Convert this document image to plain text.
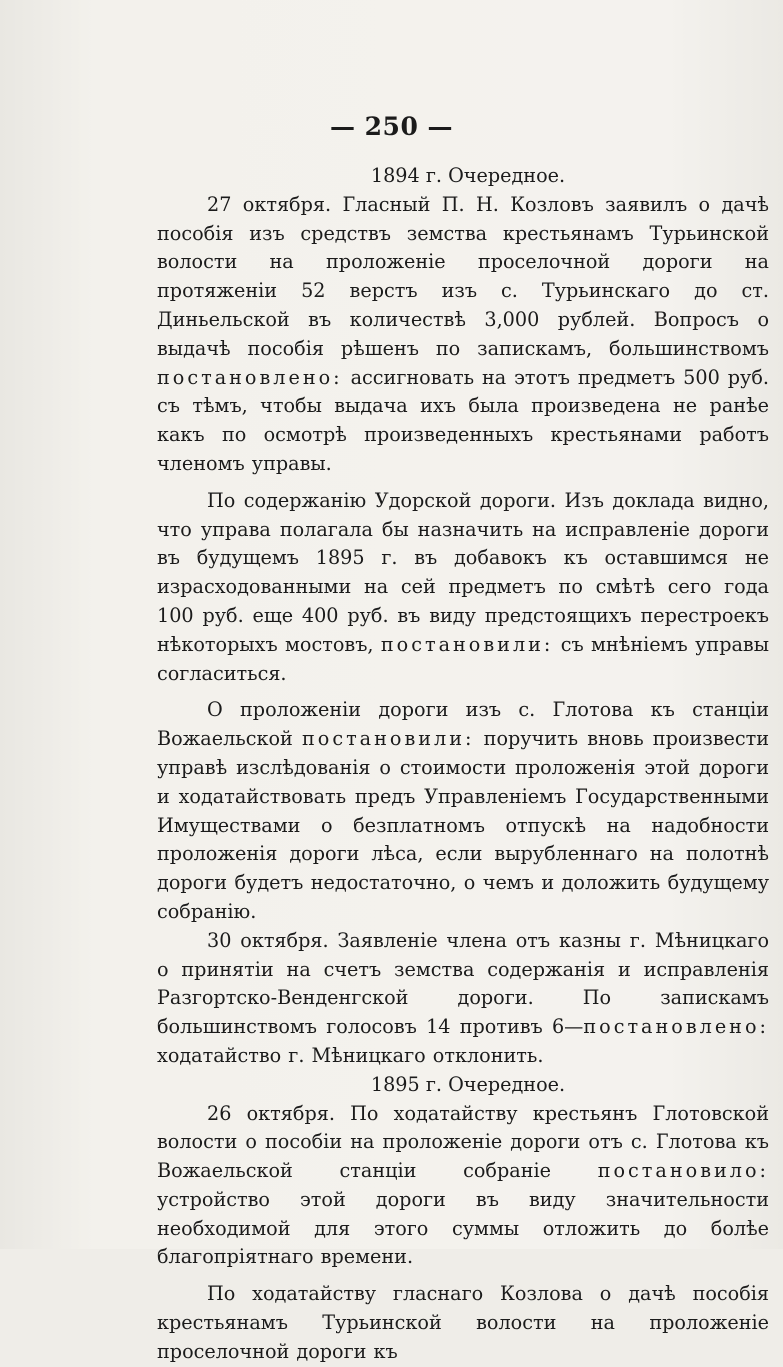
— 250 —

1894 г. Очередное.

27 октября. Гласный П. Н. Козловъ заявилъ о дачѣ пособія изъ средствъ земства крестьянамъ Турьинской волости на проложеніе проселочной дороги на протяженіи 52 верстъ изъ с. Турьинскаго до ст. Диньельской въ количествѣ 3,000 рублей. Вопросъ о выдачѣ пособія рѣшенъ по запискамъ, большинствомъ постановлено: ассигновать на этотъ предметъ 500 руб. съ тѣмъ, чтобы выдача ихъ была произведена не ранѣе какъ по осмотрѣ произведенныхъ крестьянами работъ членомъ управы.

По содержанію Удорской дороги. Изъ доклада видно, что управа полагала бы назначить на исправленіе дороги въ будущемъ 1895 г. въ добавокъ къ оставшимся не израсходованными на сей предметъ по смѣтѣ сего года 100 руб. еще 400 руб. въ виду предстоящихъ перестроекъ нѣкоторыхъ мостовъ, постановили: съ мнѣніемъ управы согласиться.

О проложеніи дороги изъ с. Глотова къ станціи Вожаельской постановили: поручить вновь произвести управѣ изслѣдованія о стоимости проложенія этой дороги и ходатайствовать предъ Управленіемъ Государственными Имуществами о безплатномъ отпускѣ на надобности проложенія дороги лѣса, если вырубленнаго на полотнѣ дороги будетъ недостаточно, о чемъ и доложить будущему собранію.

30 октября. Заявленіе члена отъ казны г. Мѣницкаго о принятіи на счетъ земства содержанія и исправленія Разгортско-Венденгской дороги. По запискамъ большинствомъ голосовъ 14 противъ 6—постановлено: ходатайство г. Мѣницкаго отклонить.

1895 г. Очередное.

26 октября. По ходатайству крестьянъ Глотовской волости о пособіи на проложеніе дороги отъ с. Глотова къ Вожаельской станціи собраніе постановило: устройство этой дороги въ виду значительности необходимой для этого суммы отложить до болѣе благопріятнаго времени.

По ходатайству гласнаго Козлова о дачѣ пособія крестьянамъ Турьинской волости на проложеніе проселочной дороги къ
